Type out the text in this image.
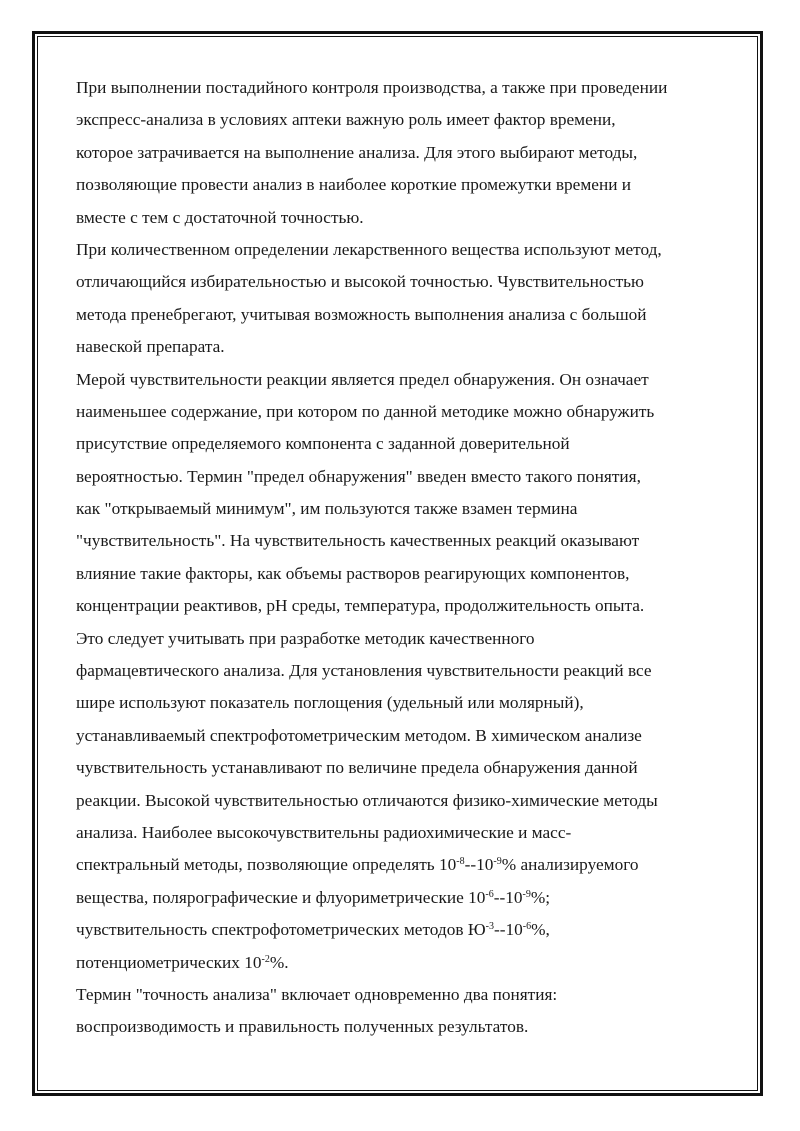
При выполнении постадийного контроля производства, а также при проведении
экспресс-анализа в условиях аптеки важную роль имеет фактор времени,
которое затрачивается на выполнение анализа. Для этого выбирают методы,
позволяющие провести анализ в наиболее короткие промежутки времени и
вместе с тем с достаточной точностью.
При количественном определении лекарственного вещества используют метод,
отличающийся избирательностью и высокой точностью. Чувствительностью
метода пренебрегают, учитывая возможность выполнения анализа с большой
навеской препарата.
Мерой чувствительности реакции является предел обнаружения. Он означает
наименьшее содержание, при котором по данной методике можно обнаружить
присутствие определяемого компонента с заданной доверительной
вероятностью. Термин "предел обнаружения" введен вместо такого понятия,
как "открываемый минимум", им пользуются также взамен термина
"чувствительность". На чувствительность качественных реакций оказывают
влияние такие факторы, как объемы растворов реагирующих компонентов,
концентрации реактивов, pH среды, температура, продолжительность опыта.
Это следует учитывать при разработке методик качественного
фармацевтического анализа. Для установления чувствительности реакций все
шире используют показатель поглощения (удельный или молярный),
устанавливаемый спектрофотометрическим методом. В химическом анализе
чувствительность устанавливают по величине предела обнаружения данной
реакции. Высокой чувствительностью отличаются физико-химические методы
анализа. Наиболее высокочувствительны радиохимические и масс-
спектральный методы, позволяющие определять $10^{-8}--10^{-9}\%$ анализируемого
вещества, полярографические и флуориметрические $10^{-6}--10^{-9}\%$;
чувствительность спектрофотометрических методов $Ю^{-3}--10^{-6}\%$,
потенциометрических $10^{-2}\%$.
Термин "точность анализа" включает одновременно два понятия:
воспроизводимость и правильность полученных результатов.
